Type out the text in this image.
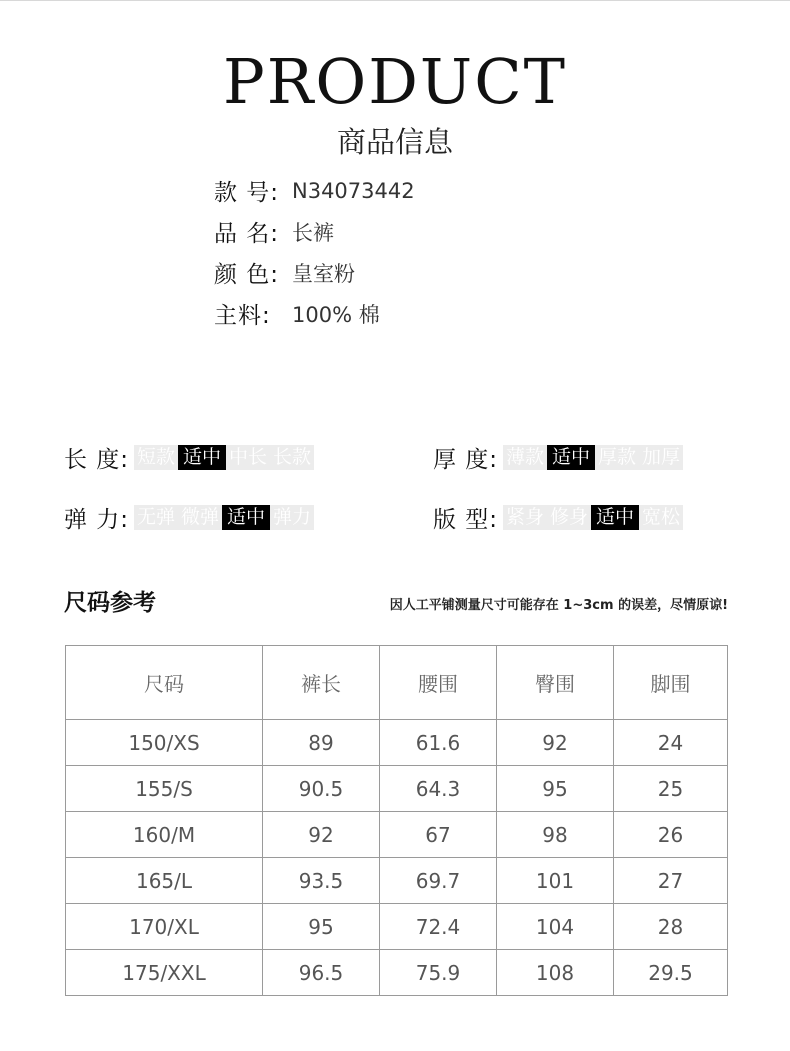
PRODUCT
商品信息
款 号: N34073442
品 名: 长裤
颜 色: 皇室粉
主料:	100% 棉
长 度: 短款 适中 中长 长款	厚 度: 薄款 适中 厚款 加厚
弹 力: 无弹 微弹 适中 弹力	版 型: 紧身 修身 适中 宽松
尺码参考	因人工平铺测量尺寸可能存在 1~3cm 的误差，尽情原谅!
尺码	裤长	腰围	臀围	脚围
150/XS	89	61.6	92	24
155/S	90.5	64.3	95	25
160/M	92	67	98	26
165/L	93.5	69.7	101	27
170/XL	95	72.4	104	28
175/XXL	96.5	75.9	108	29.5
